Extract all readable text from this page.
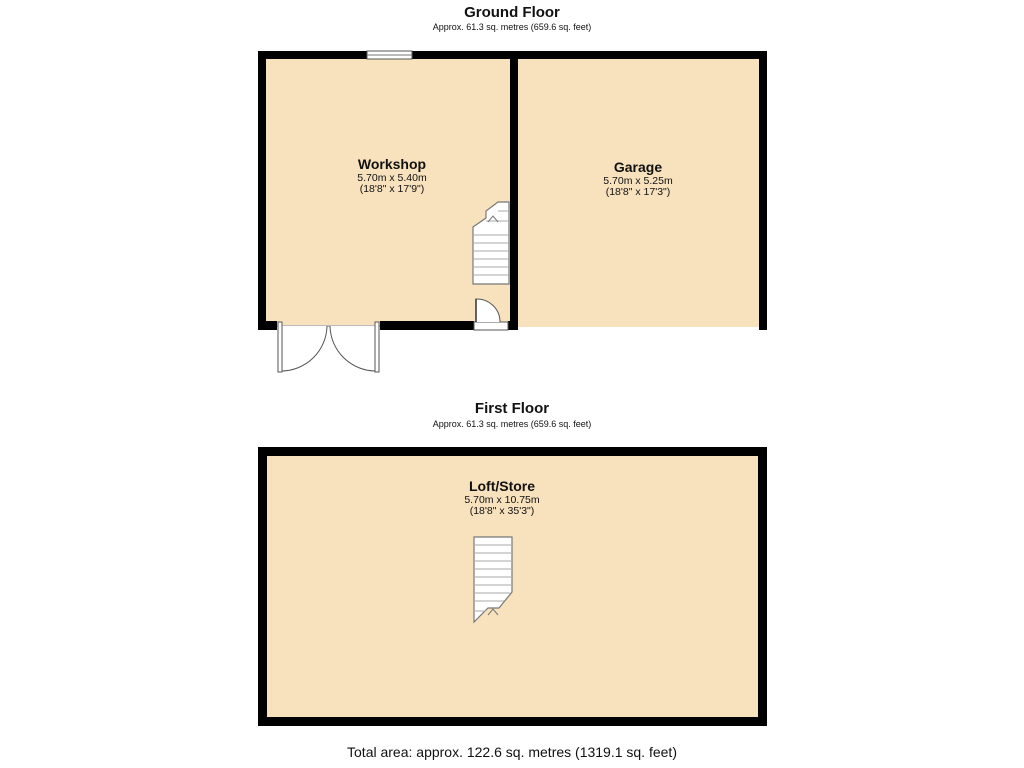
Ground Floor
Approx. 61.3 sq. metres (659.6 sq. feet)
First Floor
Approx. 61.3 sq. metres (659.6 sq. feet)
Workshop
5.70m x 5.40m
(18'8" x 17'9")
Garage
5.70m x 5.25m
(18'8" x 17'3")
Loft/Store
5.70m x 10.75m
(18'8" x 35'3")
Total area: approx. 122.6 sq. metres (1319.1 sq. feet)
